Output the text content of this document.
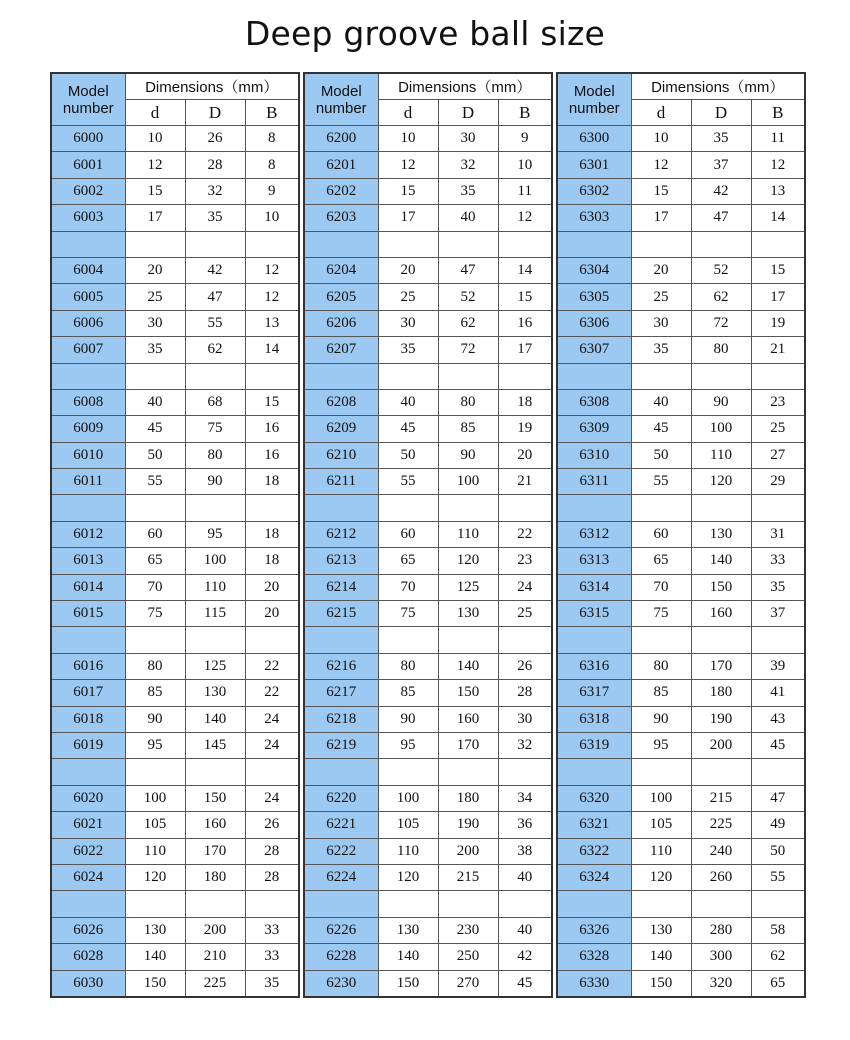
Deep groove ball size
Model number	Dimensions（mm）		
	d	D	B
6000	10	26	8
6001	12	28	8
6002	15	32	9
6003	17	35	10

6004	20	42	12
6005	25	47	12
6006	30	55	13
6007	35	62	14

6008	40	68	15
6009	45	75	16
6010	50	80	16
6011	55	90	18

6012	60	95	18
6013	65	100	18
6014	70	110	20
6015	75	115	20

6016	80	125	22
6017	85	130	22
6018	90	140	24
6019	95	145	24

6020	100	150	24
6021	105	160	26
6022	110	170	28
6024	120	180	28

6026	130	200	33
6028	140	210	33
6030	150	225	35
Model number	Dimensions（mm）		
	d	D	B
6200	10	30	9
6201	12	32	10
6202	15	35	11
6203	17	40	12

6204	20	47	14
6205	25	52	15
6206	30	62	16
6207	35	72	17

6208	40	80	18
6209	45	85	19
6210	50	90	20
6211	55	100	21

6212	60	110	22
6213	65	120	23
6214	70	125	24
6215	75	130	25

6216	80	140	26
6217	85	150	28
6218	90	160	30
6219	95	170	32

6220	100	180	34
6221	105	190	36
6222	110	200	38
6224	120	215	40

6226	130	230	40
6228	140	250	42
6230	150	270	45
Model number	Dimensions（mm）		
	d	D	B
6300	10	35	11
6301	12	37	12
6302	15	42	13
6303	17	47	14

6304	20	52	15
6305	25	62	17
6306	30	72	19
6307	35	80	21

6308	40	90	23
6309	45	100	25
6310	50	110	27
6311	55	120	29

6312	60	130	31
6313	65	140	33
6314	70	150	35
6315	75	160	37

6316	80	170	39
6317	85	180	41
6318	90	190	43
6319	95	200	45

6320	100	215	47
6321	105	225	49
6322	110	240	50
6324	120	260	55

6326	130	280	58
6328	140	300	62
6330	150	320	65
